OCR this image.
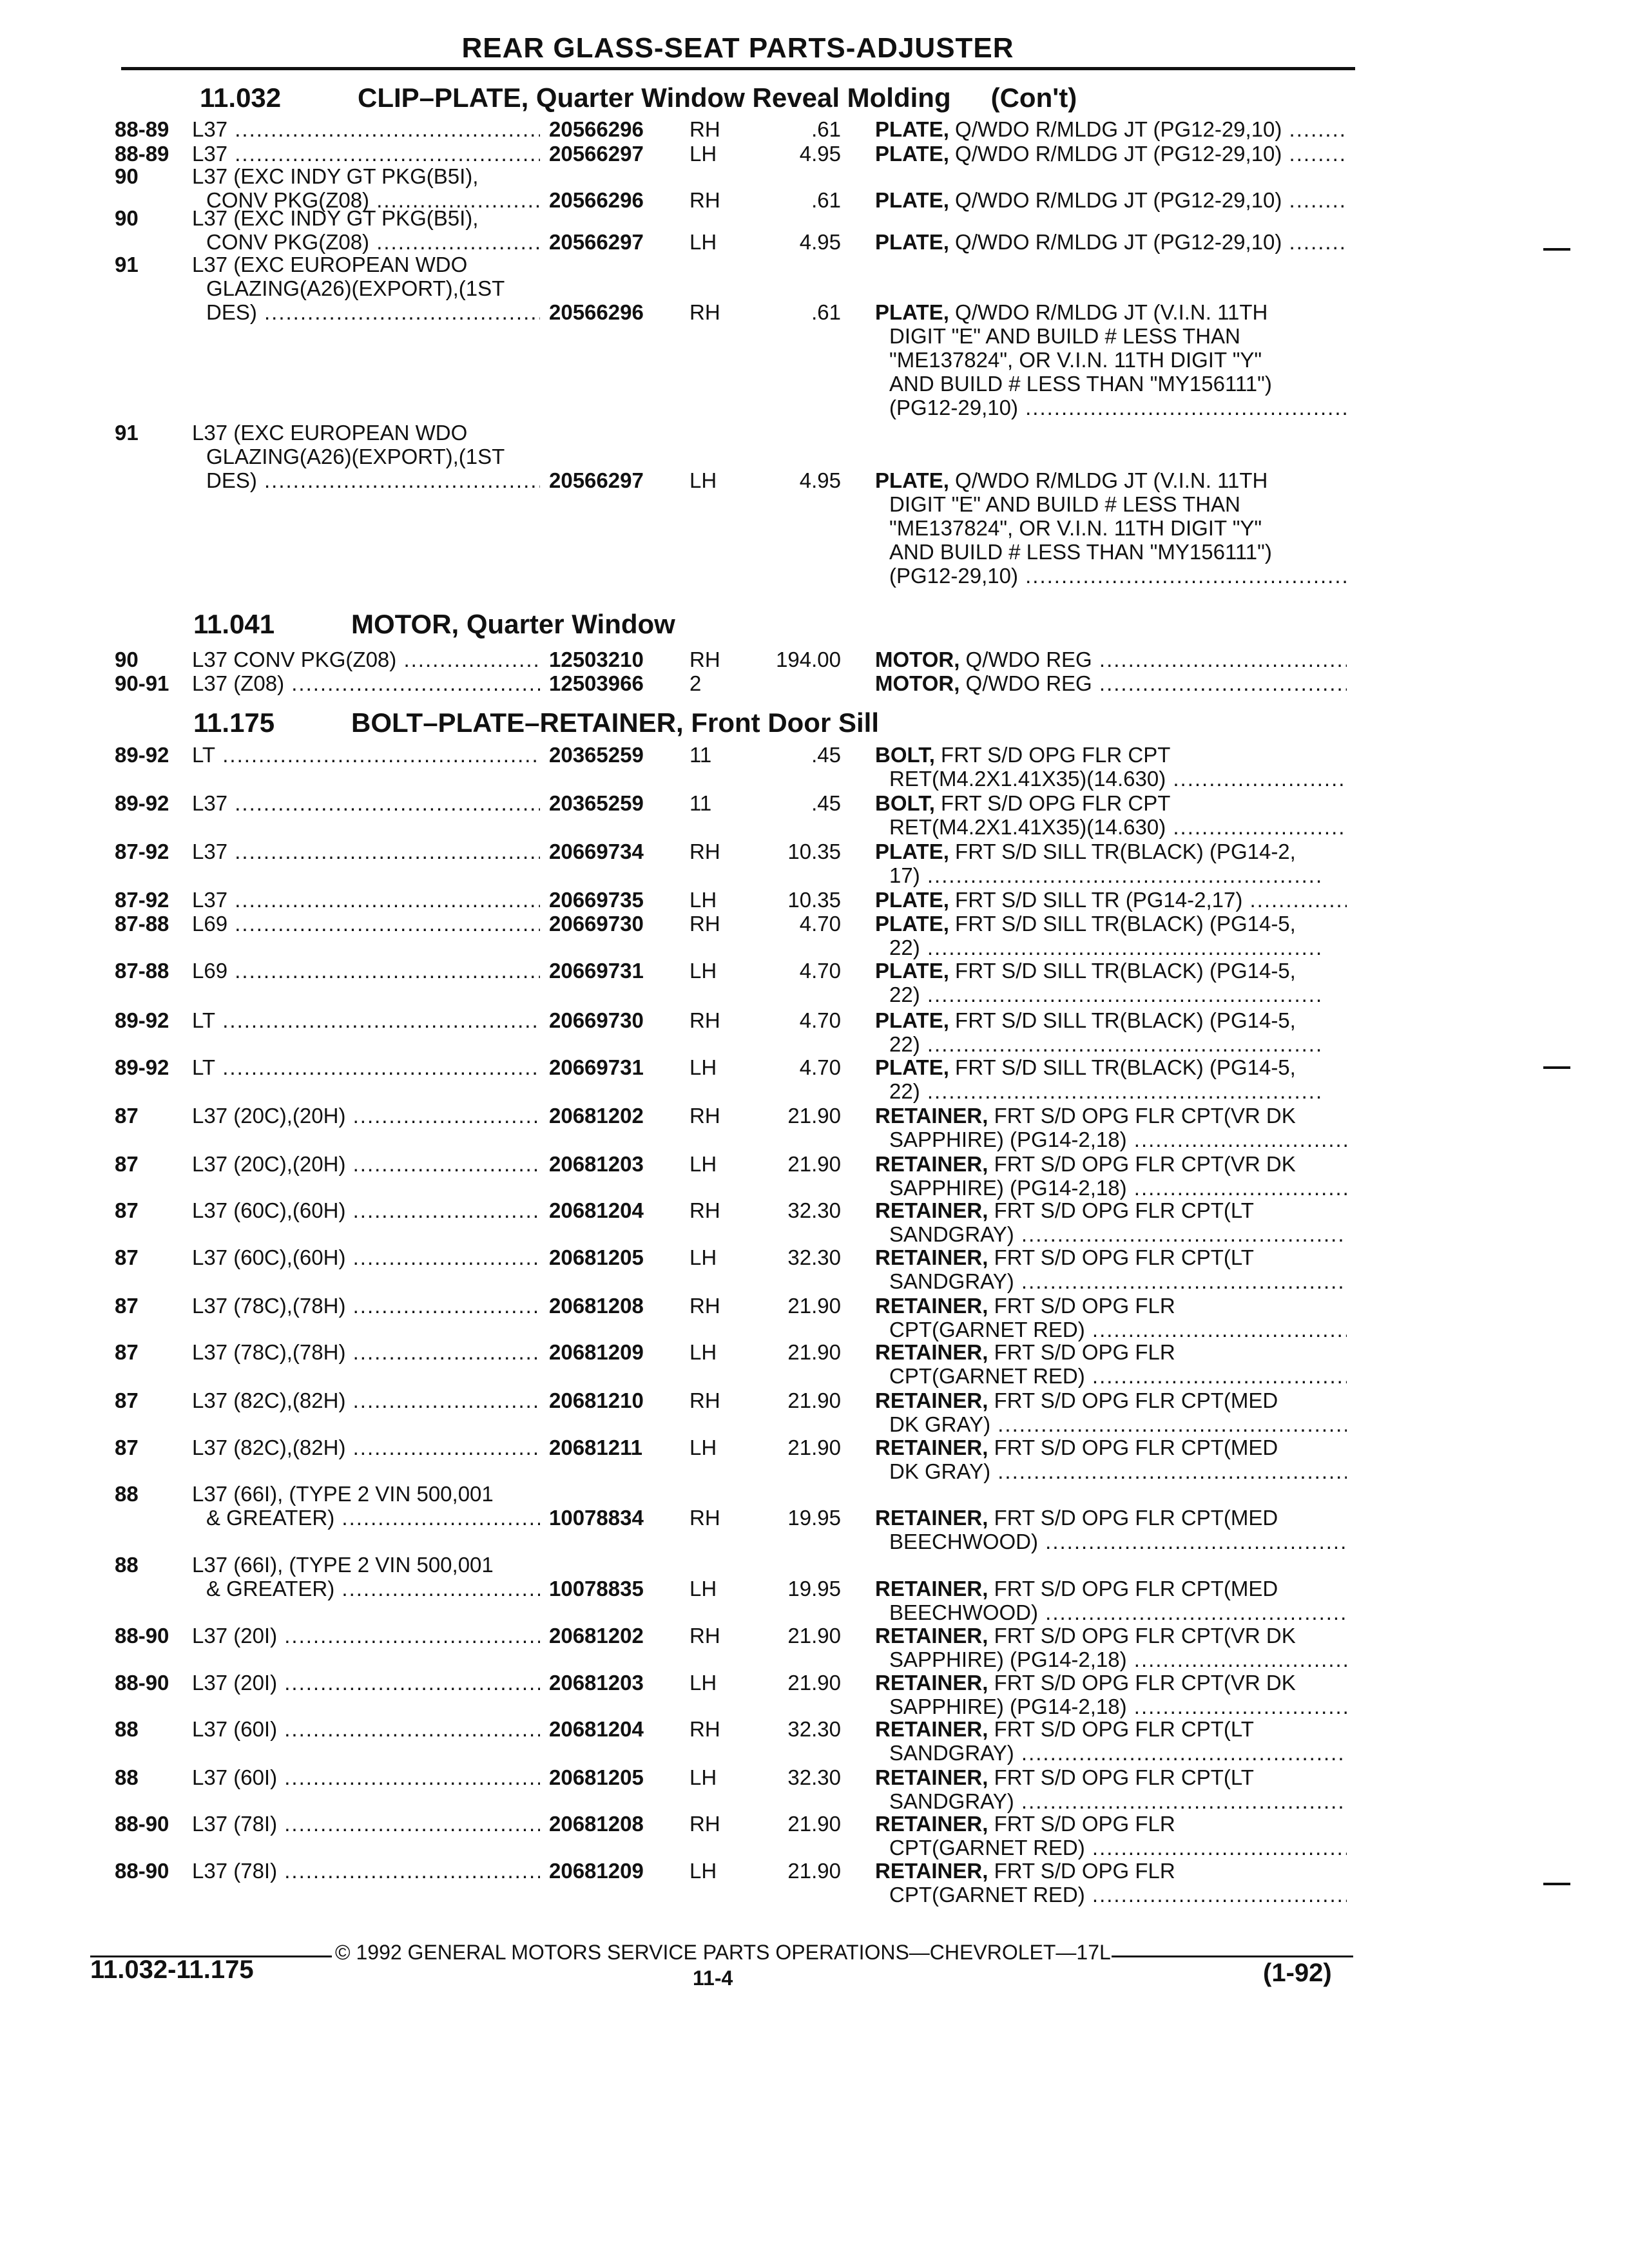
REAR GLASS-SEAT PARTS-ADJUSTER
11.032	CLIP–PLATE, Quarter Window Reveal Molding (Con't)
88-89 L37 .....	20566296 RH	.61 PLATE, Q/WDO R/MLDG JT (PG12-29,10) .....
88-89 L37 .....	20566297 LH	4.95 PLATE, Q/WDO R/MLDG JT (PG12-29,10) .....
90	L37 (EXC INDY GT PKG(B5I),
CONV PKG(Z08) .....	20566296 RH	.61 PLATE, Q/WDO R/MLDG JT (PG12-29,10) .....
90	L37 (EXC INDY GT PKG(B5I),
CONV PKG(Z08) .....	20566297 LH	4.95 PLATE, Q/WDO R/MLDG JT (PG12-29,10) .....
91	L37 (EXC EUROPEAN WDO
GLAZING(A26)(EXPORT),(1ST
DES) .....	20566296 RH	.61 PLATE, Q/WDO R/MLDG JT (V.I.N. 11TH
DIGIT "E" AND BUILD # LESS THAN
"ME137824", OR V.I.N. 11TH DIGIT "Y"
AND BUILD # LESS THAN "MY156111")
(PG12-29,10) .....
91	L37 (EXC EUROPEAN WDO
GLAZING(A26)(EXPORT),(1ST
DES) .....	20566297 LH	4.95 PLATE, Q/WDO R/MLDG JT (V.I.N. 11TH
DIGIT "E" AND BUILD # LESS THAN
"ME137824", OR V.I.N. 11TH DIGIT "Y"
AND BUILD # LESS THAN "MY156111")
(PG12-29,10) .....
11.041	MOTOR, Quarter Window
90	L37 CONV PKG(Z08) .....	12503210 RH	194.00 MOTOR, Q/WDO REG .....
90-91 L37 (Z08) .....	12503966 2	MOTOR, Q/WDO REG .....
11.175	BOLT–PLATE–RETAINER, Front Door Sill
89-92 LT .....	20365259 11	.45 BOLT, FRT S/D OPG FLR CPT
RET(M4.2X1.41X35)(14.630) .....
89-92 L37 .....	20365259 11	.45 BOLT, FRT S/D OPG FLR CPT
RET(M4.2X1.41X35)(14.630) .....
87-92 L37 .....	20669734 RH	10.35 PLATE, FRT S/D SILL TR(BLACK) (PG14-2,
17) .....
87-92 L37 .....	20669735 LH	10.35 PLATE, FRT S/D SILL TR (PG14-2,17) .....
87-88 L69 .....	20669730 RH	4.70 PLATE, FRT S/D SILL TR(BLACK) (PG14-5,
22) .....
87-88 L69 .....	20669731 LH	4.70 PLATE, FRT S/D SILL TR(BLACK) (PG14-5,
22) .....
89-92 LT .....	20669730 RH	4.70 PLATE, FRT S/D SILL TR(BLACK) (PG14-5,
22) .....
89-92 LT .....	20669731 LH	4.70 PLATE, FRT S/D SILL TR(BLACK) (PG14-5,
22) .....
87	L37 (20C),(20H) .....	20681202 RH	21.90 RETAINER, FRT S/D OPG FLR CPT(VR DK
SAPPHIRE) (PG14-2,18) .....
87	L37 (20C),(20H) .....	20681203 LH	21.90 RETAINER, FRT S/D OPG FLR CPT(VR DK
SAPPHIRE) (PG14-2,18) .....
87	L37 (60C),(60H) .....	20681204 RH	32.30 RETAINER, FRT S/D OPG FLR CPT(LT
SANDGRAY) .....
87	L37 (60C),(60H) .....	20681205 LH	32.30 RETAINER, FRT S/D OPG FLR CPT(LT
SANDGRAY) .....
87	L37 (78C),(78H) .....	20681208 RH	21.90 RETAINER, FRT S/D OPG FLR
CPT(GARNET RED) .....
87	L37 (78C),(78H) .....	20681209 LH	21.90 RETAINER, FRT S/D OPG FLR
CPT(GARNET RED) .....
87	L37 (82C),(82H) .....	20681210 RH	21.90 RETAINER, FRT S/D OPG FLR CPT(MED
DK GRAY) .....
87	L37 (82C),(82H) .....	20681211 LH	21.90 RETAINER, FRT S/D OPG FLR CPT(MED
DK GRAY) .....
88	L37 (66I), (TYPE 2 VIN 500,001
& GREATER) .....	10078834 RH	19.95 RETAINER, FRT S/D OPG FLR CPT(MED
BEECHWOOD) .....
88	L37 (66I), (TYPE 2 VIN 500,001
& GREATER) .....	10078835 LH	19.95 RETAINER, FRT S/D OPG FLR CPT(MED
BEECHWOOD) .....
88-90 L37 (20I) .....	20681202 RH	21.90 RETAINER, FRT S/D OPG FLR CPT(VR DK
SAPPHIRE) (PG14-2,18) .....
88-90 L37 (20I) .....	20681203 LH	21.90 RETAINER, FRT S/D OPG FLR CPT(VR DK
SAPPHIRE) (PG14-2,18) .....
88	L37 (60I) .....	20681204 RH	32.30 RETAINER, FRT S/D OPG FLR CPT(LT
SANDGRAY) .....
88	L37 (60I) .....	20681205 LH	32.30 RETAINER, FRT S/D OPG FLR CPT(LT
SANDGRAY) .....
88-90 L37 (78I) .....	20681208 RH	21.90 RETAINER, FRT S/D OPG FLR
CPT(GARNET RED) .....
88-90 L37 (78I) .....	20681209 LH	21.90 RETAINER, FRT S/D OPG FLR
CPT(GARNET RED) .....
© 1992 GENERAL MOTORS SERVICE PARTS OPERATIONS—CHEVROLET—17L
11.032-11.175	11-4	(1-92)
